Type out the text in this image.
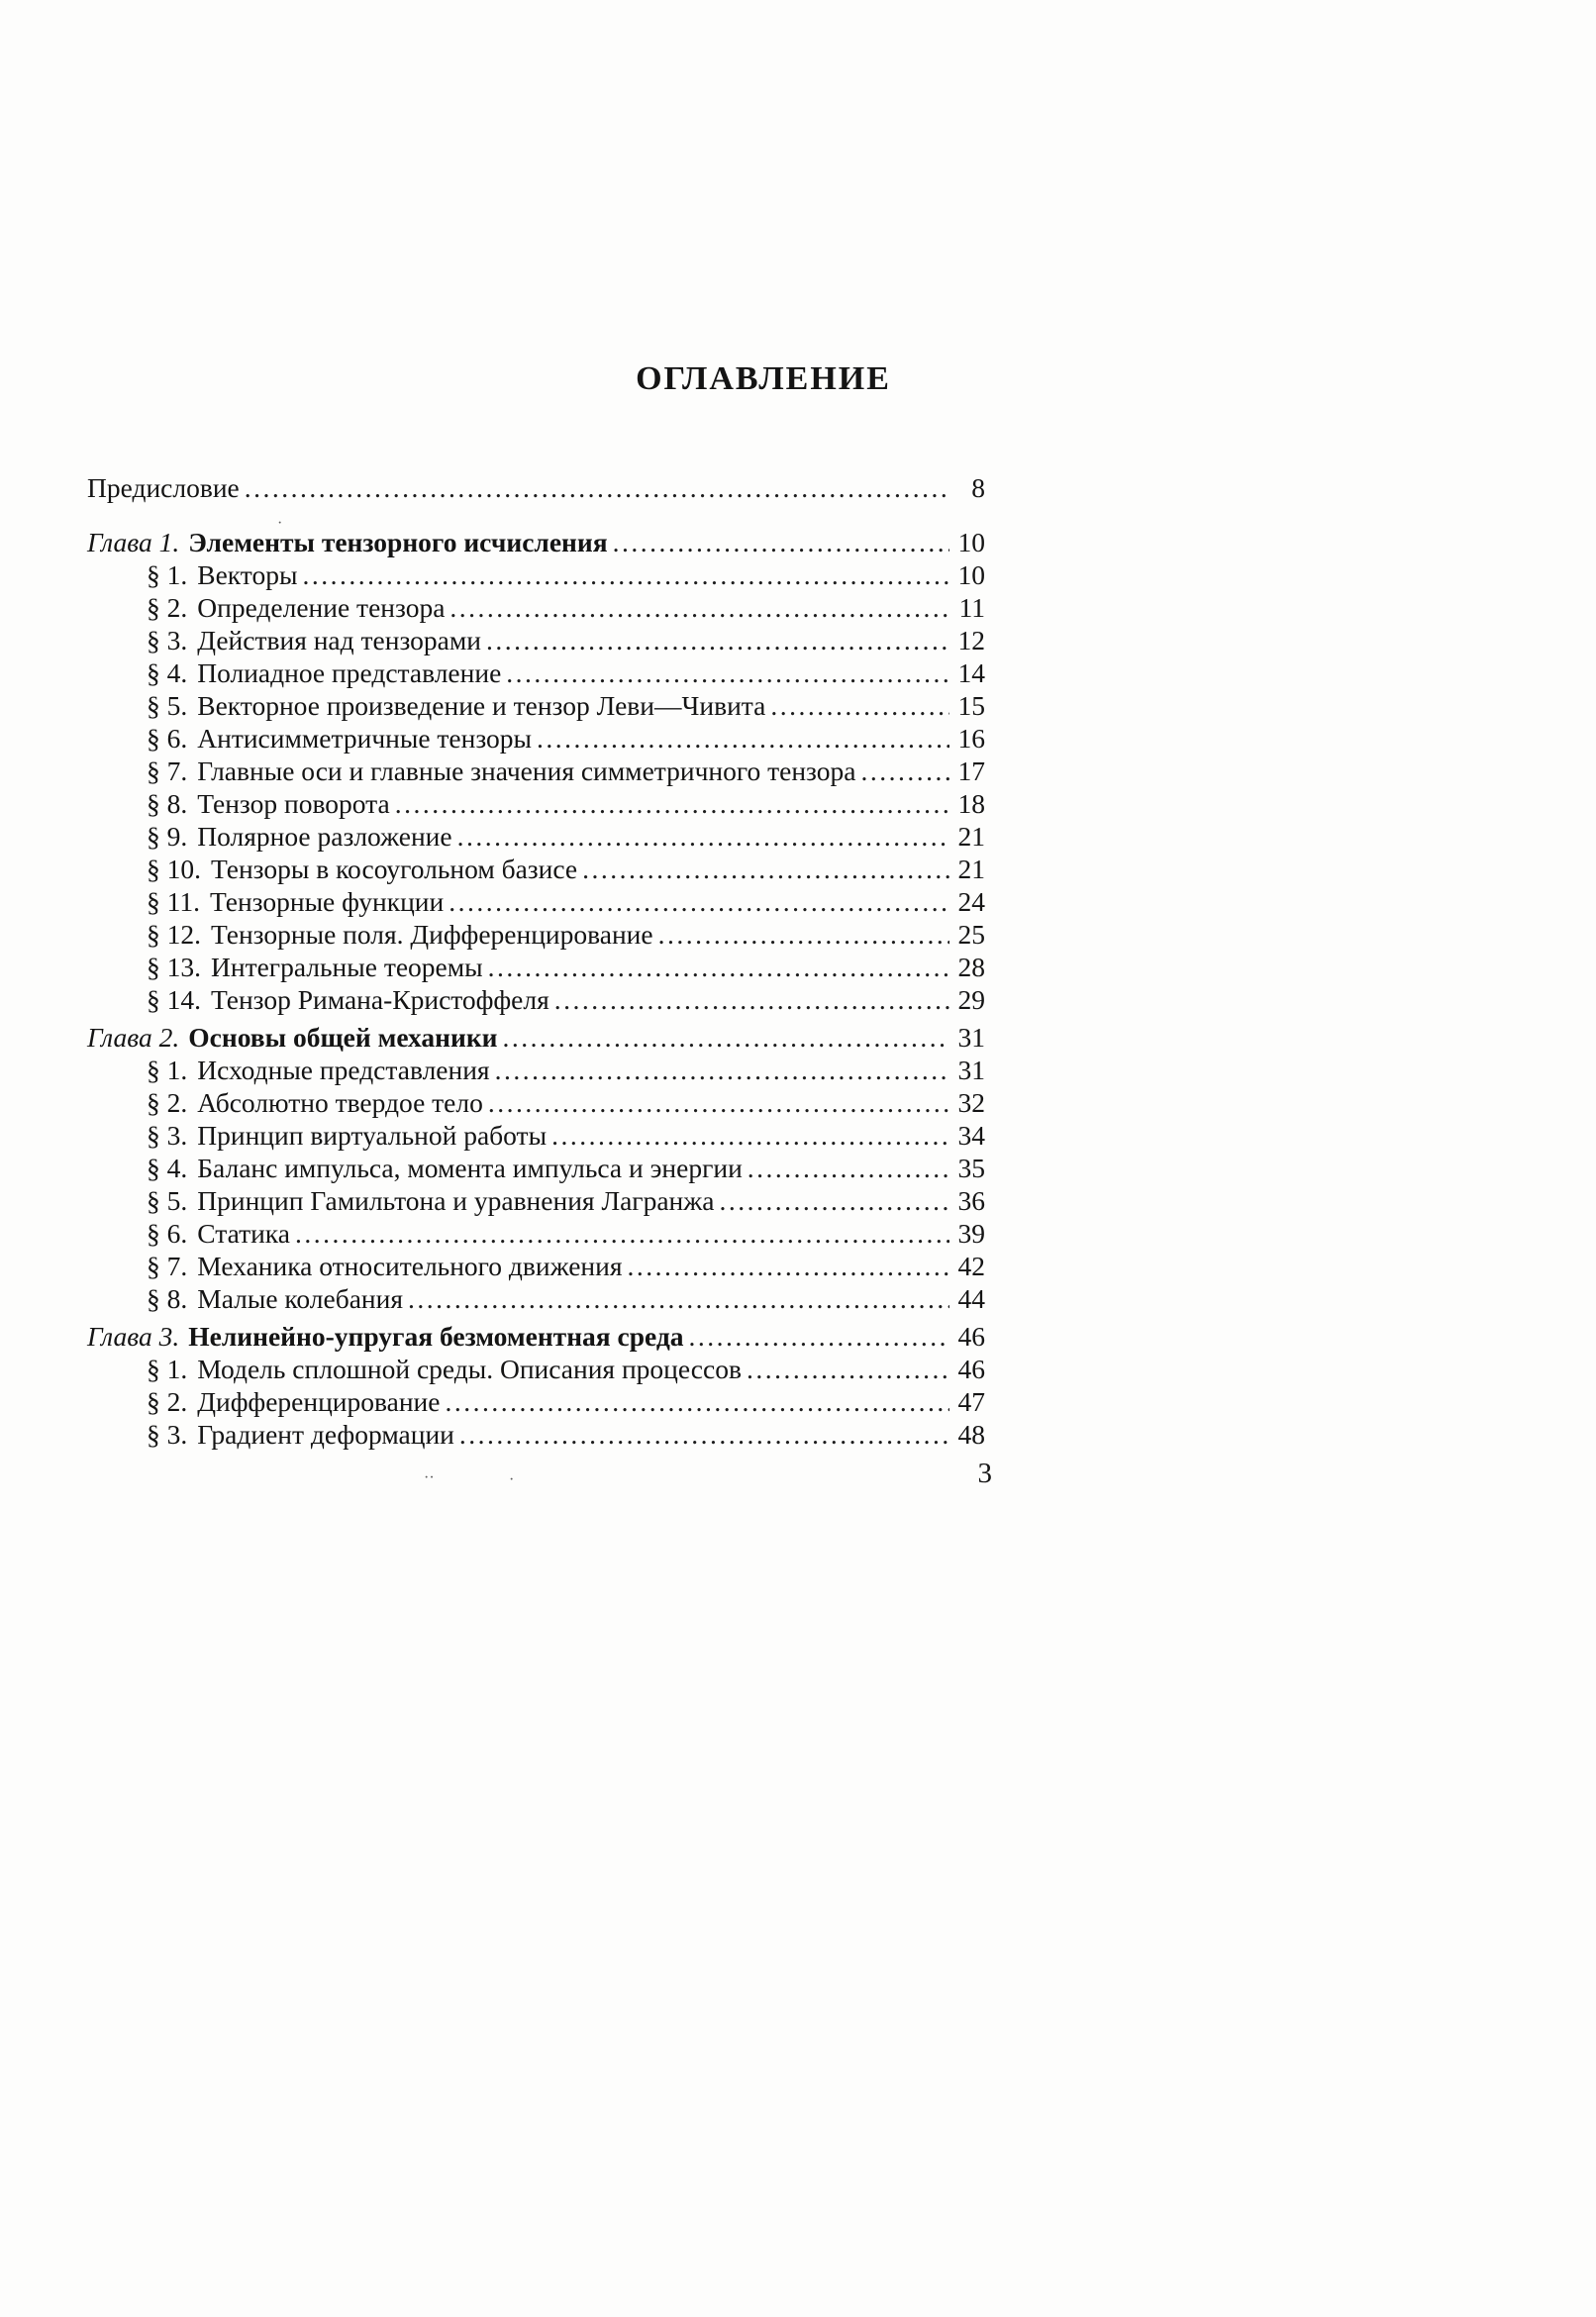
ОГЛАВЛЕНИЕ
Предисловие .....	8
Глава 1. Элементы тензорного исчисления .....	10
§ 1. Векторы .....	10
§ 2. Определение тензора .....	11
§ 3. Действия над тензорами .....	12
§ 4. Полиадное представление .....	14
§ 5. Векторное произведение и тензор Леви—Чивита .....	15
§ 6. Антисимметричные тензоры .....	16
§ 7. Главные оси и главные значения симметричного тензора .....	17
§ 8. Тензор поворота .....	18
§ 9. Полярное разложение .....	21
§ 10. Тензоры в косоугольном базисе .....	21
§ 11. Тензорные функции .....	24
§ 12. Тензорные поля. Дифференцирование .....	25
§ 13. Интегральные теоремы .....	28
§ 14. Тензор Римана-Кристоффеля .....	29
Глава 2. Основы общей механики .....	31
§ 1. Исходные представления .....	31
§ 2. Абсолютно твердое тело .....	32
§ 3. Принцип виртуальной работы .....	34
§ 4. Баланс импульса, момента импульса и энергии .....	35
§ 5. Принцип Гамильтона и уравнения Лагранжа .....	36
§ 6. Статика .....	39
§ 7. Механика относительного движения .....	42
§ 8. Малые колебания .....	44
Глава 3. Нелинейно-упругая безмоментная среда .....	46
§ 1. Модель сплошной среды. Описания процессов .....	46
§ 2. Дифференцирование .....	47
§ 3. Градиент деформации .....	48
·
··	·	3
